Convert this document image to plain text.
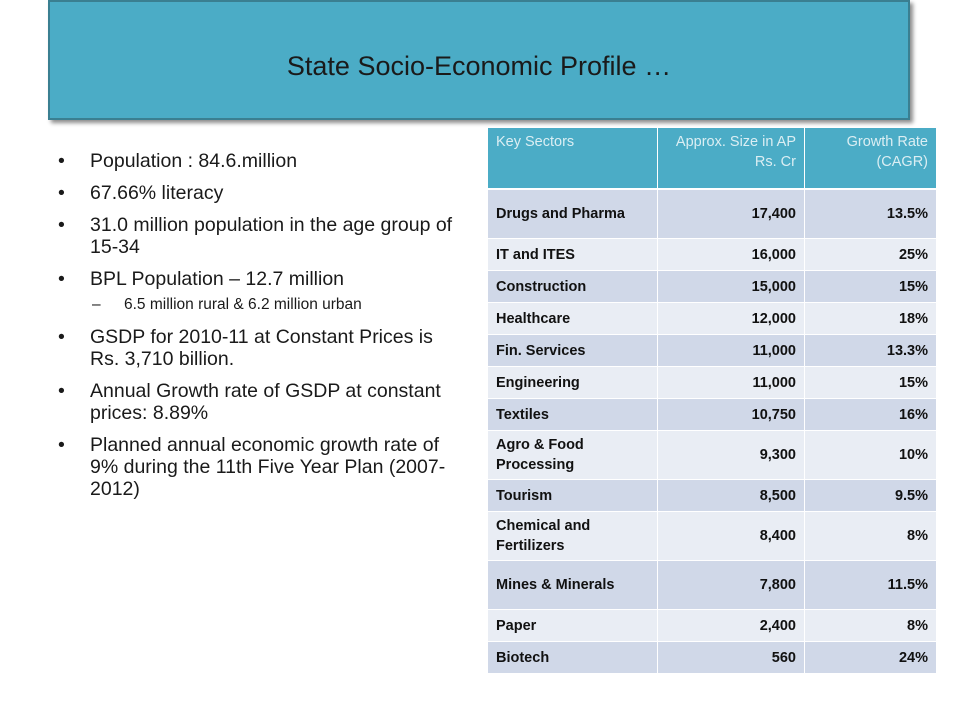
State Socio-Economic Profile …
• Population : 84.6.million
• 67.66% literacy
• 31.0 million population in the age group of 15-34
• BPL Population – 12.7 million
– 6.5 million rural & 6.2 million urban
• GSDP for 2010-11 at Constant Prices is Rs. 3,710 billion.
• Annual Growth rate of GSDP at constant prices: 8.89%
• Planned annual economic growth rate of 9% during the 11th Five Year Plan (2007-2012)
Key Sectors	Approx. Size in AP Rs. Cr	Growth Rate (CAGR)
Drugs and Pharma	17,400	13.5%
IT and ITES	16,000	25%
Construction	15,000	15%
Healthcare	12,000	18%
Fin. Services	11,000	13.3%
Engineering	11,000	15%
Textiles	10,750	16%
Agro & Food Processing	9,300	10%
Tourism	8,500	9.5%
Chemical and Fertilizers	8,400	8%
Mines & Minerals	7,800	11.5%
Paper	2,400	8%
Biotech	560	24%
